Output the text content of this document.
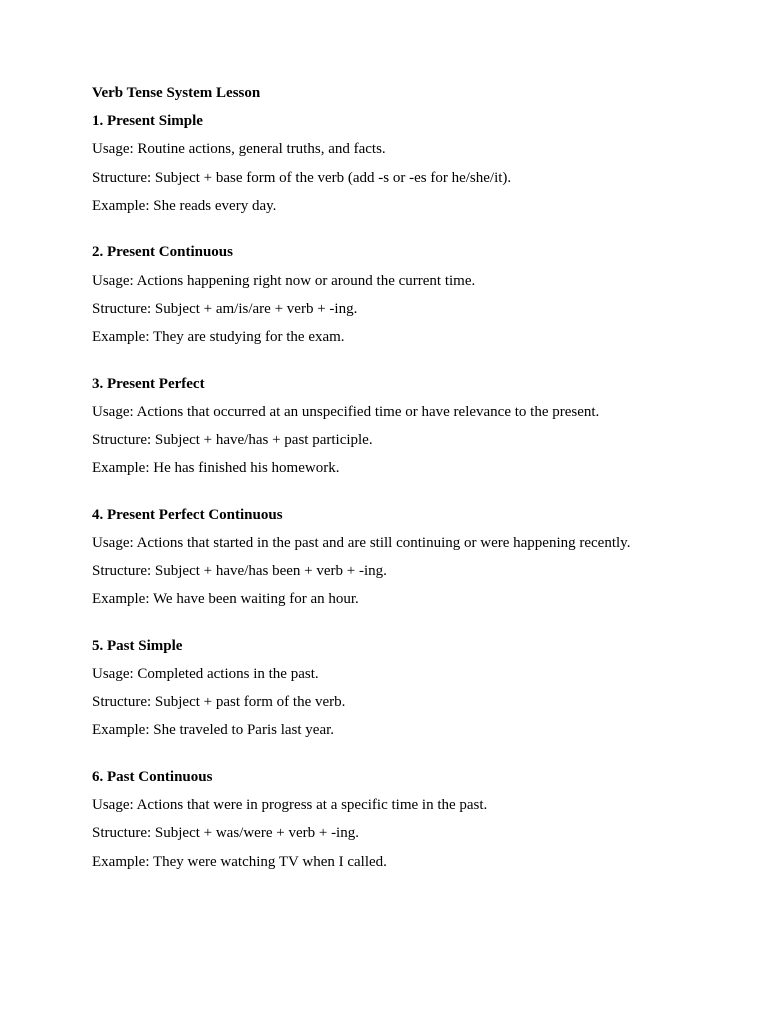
Verb Tense System Lesson
1. Present Simple
Usage: Routine actions, general truths, and facts.
Structure: Subject + base form of the verb (add -s or -es for he/she/it).
Example: She reads every day.
2. Present Continuous
Usage: Actions happening right now or around the current time.
Structure: Subject + am/is/are + verb + -ing.
Example: They are studying for the exam.
3. Present Perfect
Usage: Actions that occurred at an unspecified time or have relevance to the present.
Structure: Subject + have/has + past participle.
Example: He has finished his homework.
4. Present Perfect Continuous
Usage: Actions that started in the past and are still continuing or were happening recently.
Structure: Subject + have/has been + verb + -ing.
Example: We have been waiting for an hour.
5. Past Simple
Usage: Completed actions in the past.
Structure: Subject + past form of the verb.
Example: She traveled to Paris last year.
6. Past Continuous
Usage: Actions that were in progress at a specific time in the past.
Structure: Subject + was/were + verb + -ing.
Example: They were watching TV when I called.
